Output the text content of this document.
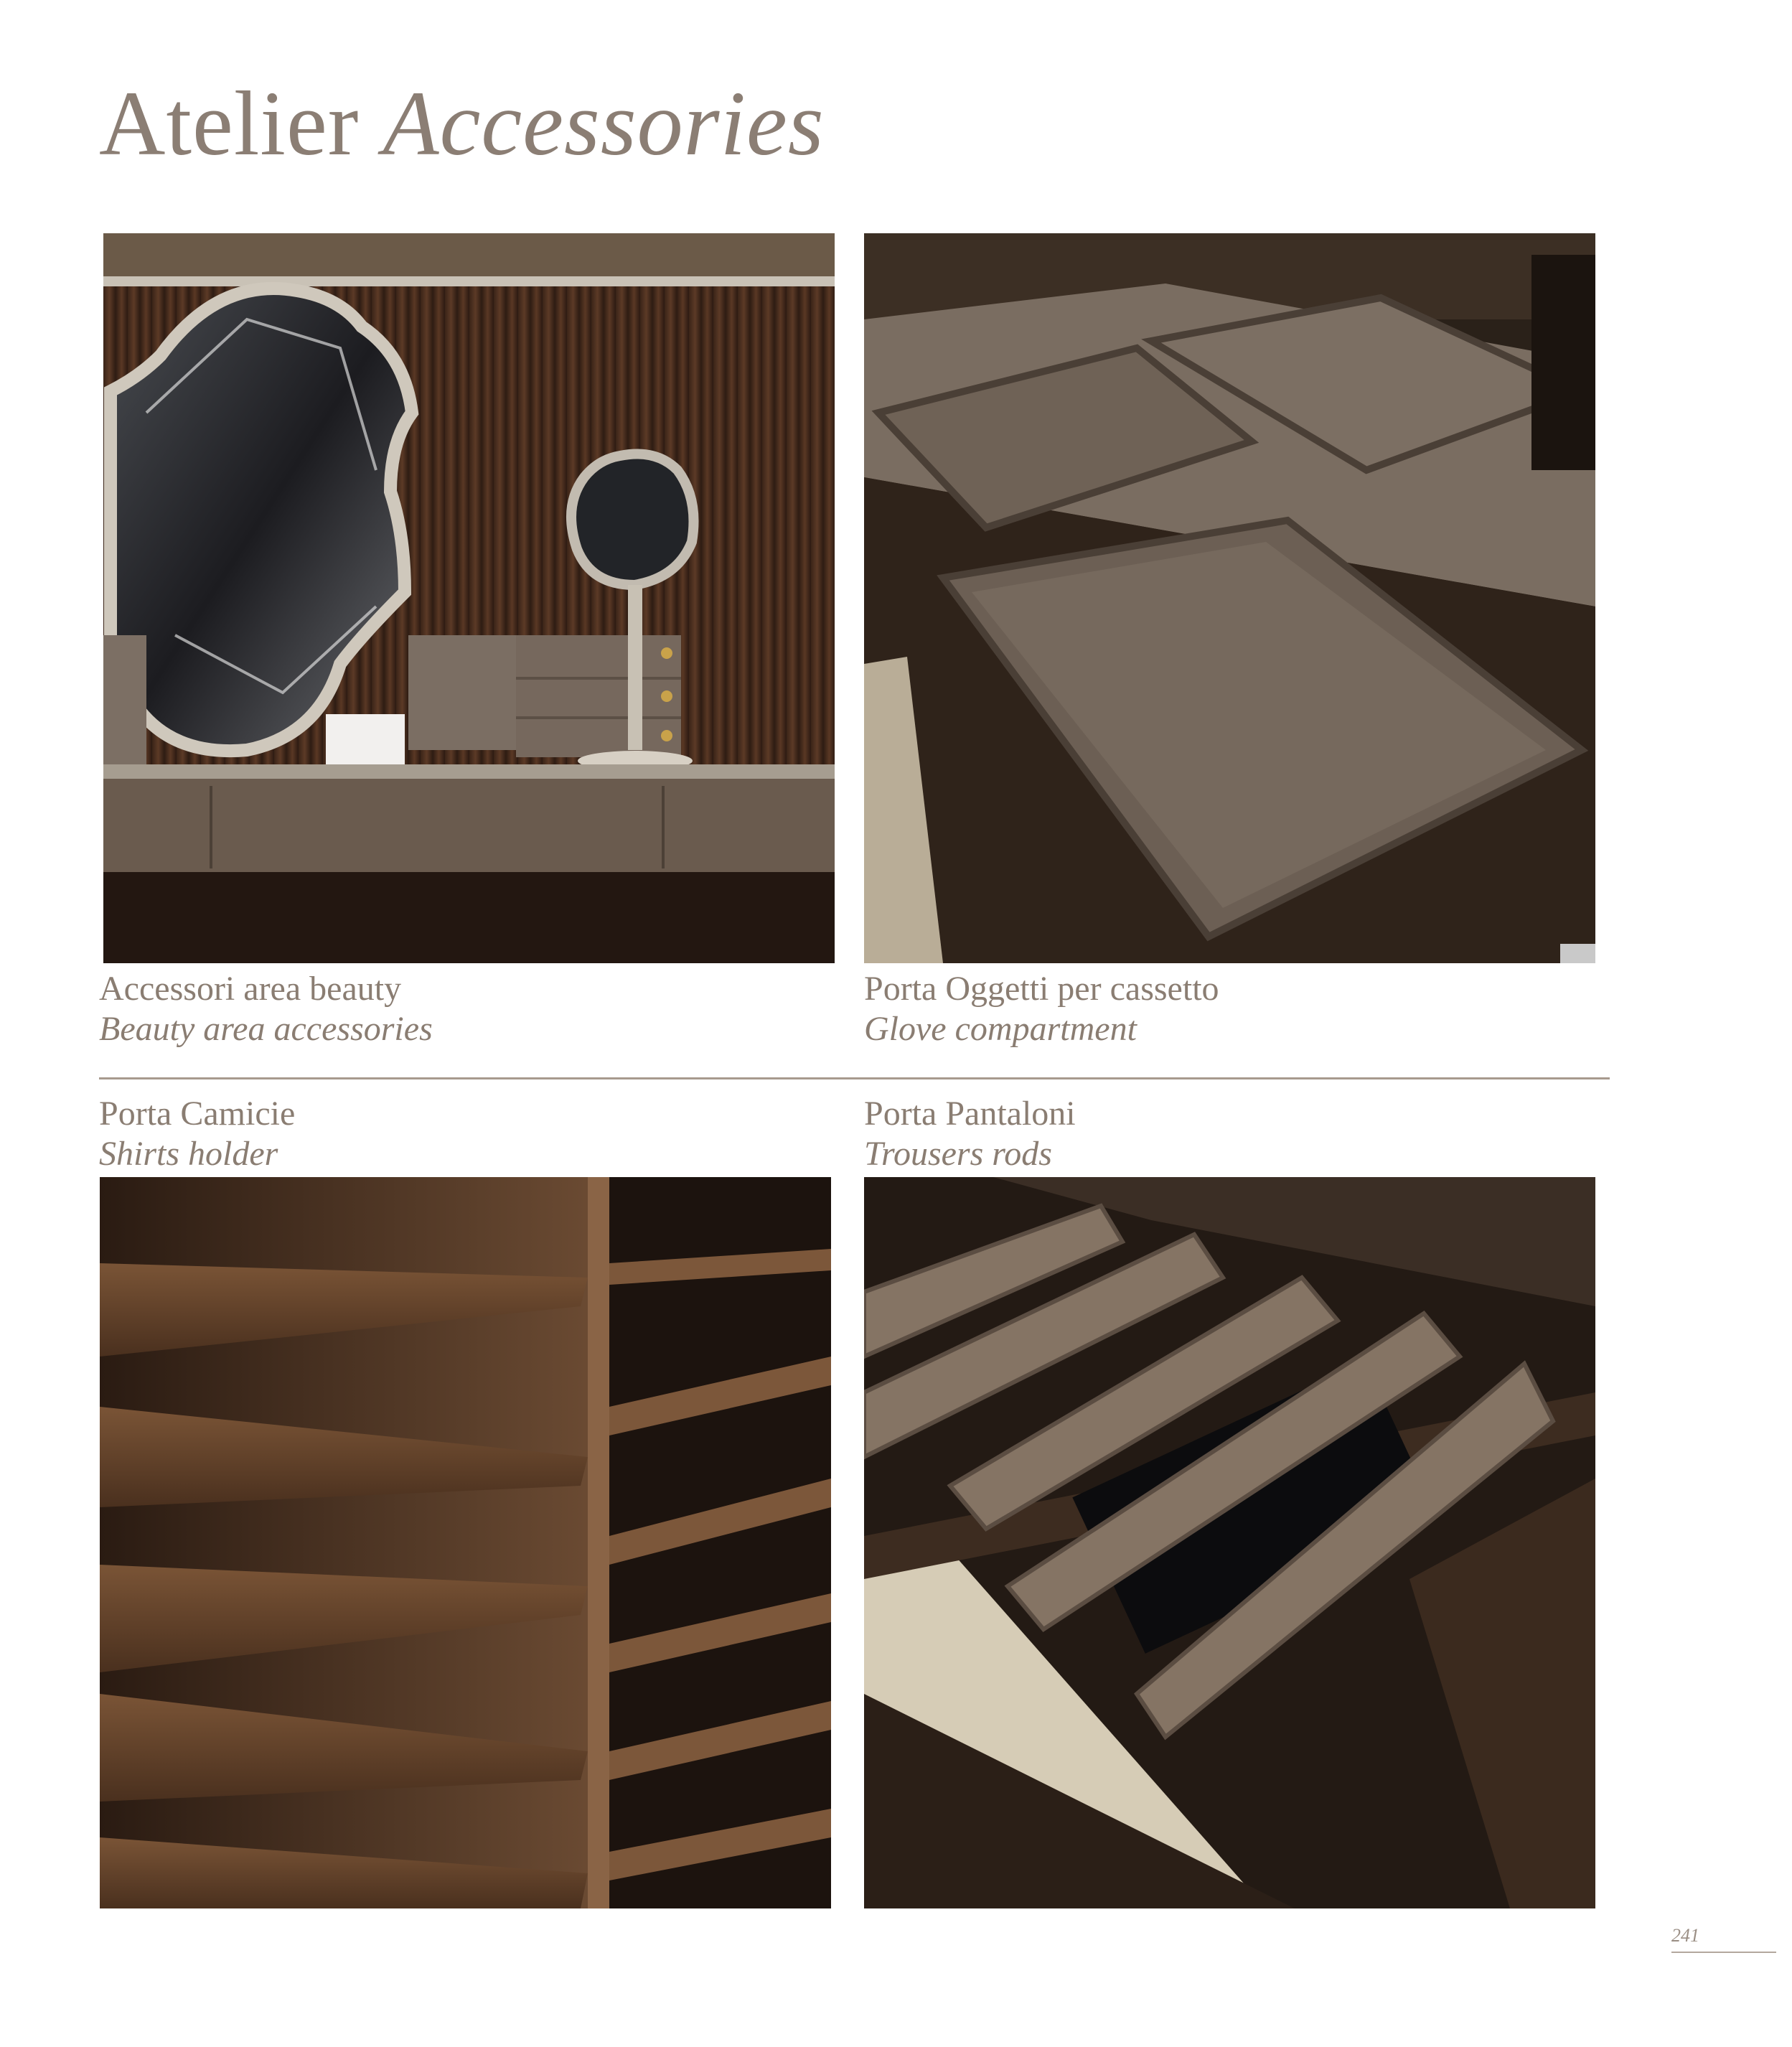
Atelier Accessories
Accessori area beauty
Beauty area accessories
Porta Oggetti per cassetto
Glove compartment
Porta Camicie
Shirts holder
Porta Pantaloni
Trousers rods
241
